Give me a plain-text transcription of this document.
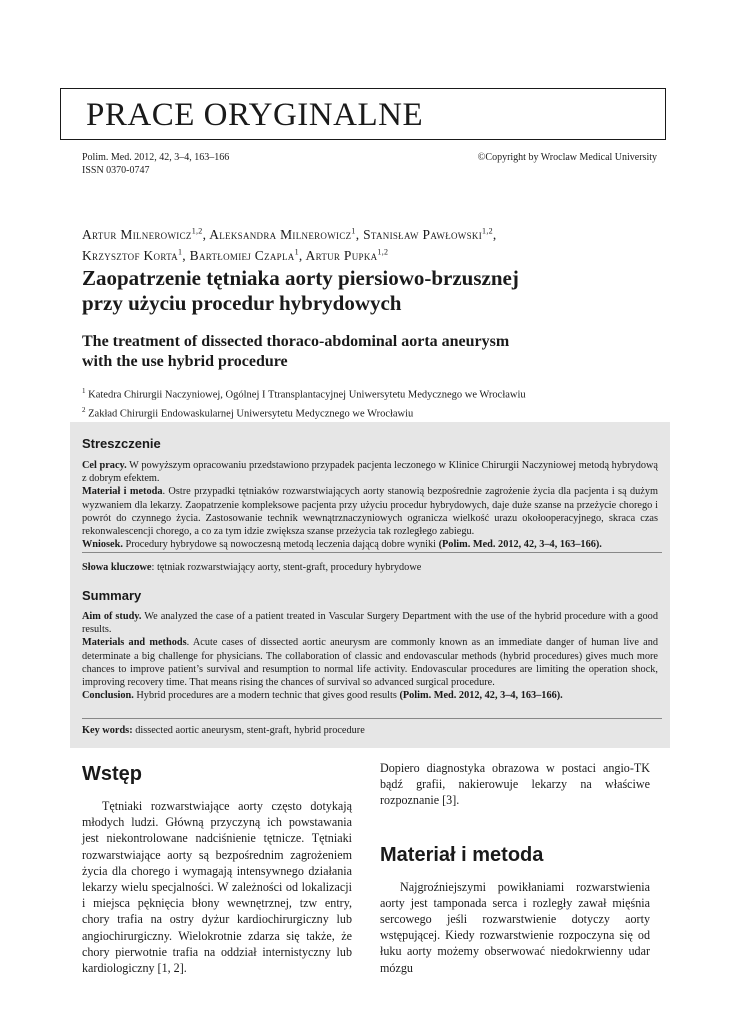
PRACE ORYGINALNE
Polim. Med. 2012, 42, 3–4, 163–166
ISSN 0370-0747
©Copyright by Wroclaw Medical University
Artur Milnerowicz$^{1,2}$, Aleksandra Milnerowicz$^1$, Stanisław Pawłowski$^{1,2}$,
Krzysztof Korta$^1$, Bartłomiej Czapla$^1$, Artur Pupka$^{1,2}$
Zaopatrzenie tętniaka aorty piersiowo-brzusznej
przy użyciu procedur hybrydowych
The treatment of dissected thoraco-abdominal aorta aneurysm
with the use hybrid procedure
$^1$ Katedra Chirurgii Naczyniowej, Ogólnej I Ttransplantacyjnej Uniwersytetu Medycznego we Wrocławiu
$^2$ Zakład Chirurgii Endowaskularnej Uniwersytetu Medycznego we Wrocławiu
Streszczenie

Cel pracy. W powyższym opracowaniu przedstawiono przypadek pacjenta leczonego w Klinice Chirurgii Naczyniowej metodą hybrydową z dobrym efektem.

Materiał i metoda. Ostre przypadki tętniaków rozwarstwiających aorty stanowią bezpośrednie zagrożenie życia dla pacjenta i są dużym wyzwaniem dla lekarzy. Zaopatrzenie kompleksowe pacjenta przy użyciu procedur hybrydowych, daje duże szanse na przeżycie chorego i powrót do czynnego życia. Zastosowanie technik wewnątrznaczyniowych ogranicza wielkość urazu okołooperacyjnego, skraca czas rekonwalescencji chorego, a co za tym idzie zwiększa szanse przeżycia tak rozległego zabiegu.

Wniosek. Procedury hybrydowe są nowoczesną metodą leczenia dającą dobre wyniki (Polim. Med. 2012, 42, 3–4, 163–166).

Słowa kluczowe: tętniak rozwarstwiający aorty, stent-graft, procedury hybrydowe

Summary

Aim of study. We analyzed the case of a patient treated in Vascular Surgery Department with the use of the hybrid procedure with a good results.

Materials and methods. Acute cases of dissected aortic aneurysm are commonly known as an immediate danger of human live and determinate a big challenge for physicians. The collaboration of classic and endovascular methods (hybrid procedures) gives much more chances to improve patient’s survival and resumption to normal life activity. Endovascular procedures are limiting the operation shock, improving recovery time. That means rising the chances of survival so advanced surgical procedure.

Conclusion. Hybrid procedures are a modern technic that gives good results (Polim. Med. 2012, 42, 3–4, 163–166).

Key words: dissected aortic aneurysm, stent-graft, hybrid procedure

Wstęp

Tętniaki rozwarstwiające aorty często dotykają młodych ludzi. Główną przyczyną ich powstawania jest niekontrolowane nadciśnienie tętnicze. Tętniaki rozwarstwiające aorty są bezpośrednim zagrożeniem życia dla chorego i wymagają intensywnego działania lekarzy wielu specjalności. W zależności od lokalizacji i miejsca pęknięcia błony wewnętrznej, tzw entry, chory trafia na ostry dyżur kardiochirurgiczny lub angiochirurgiczny. Wielokrotnie zdarza się także, że chory pierwotnie trafia na oddział internistyczny lub kardiologiczny [1, 2].

Dopiero diagnostyka obrazowa w postaci angio-TK bądź grafii, nakierowuje lekarzy na właściwe rozpoznanie [3].

Materiał i metoda

Najgroźniejszymi powikłaniami rozwarstwienia aorty jest tamponada serca i rozległy zawał mięśnia sercowego jeśli rozwarstwienie dotyczy aorty wstępującej. Kiedy rozwarstwienie rozpoczyna się od łuku aorty możemy obserwować niedokrwienny udar mózgu
